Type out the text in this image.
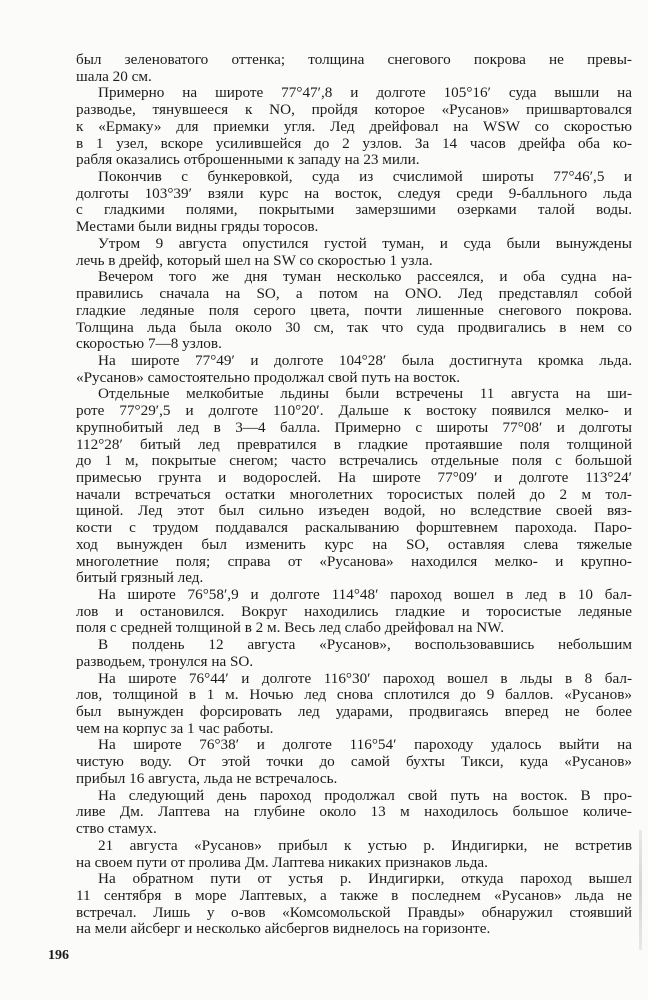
был зеленоватого оттенка; толщина снегового покрова не превы-
шала 20 см.
Примерно на широте 77°47′,8 и долготе 105°16′ суда вышли на
разводье, тянувшееся к NO, пройдя которое «Русанов» пришвартовался
к «Ермаку» для приемки угля. Лед дрейфовал на WSW со скоростью
в 1 узел, вскоре усилившейся до 2 узлов. За 14 часов дрейфа оба ко-
рабля оказались отброшенными к западу на 23 мили.
Покончив с бункеровкой, суда из счислимой широты 77°46′,5 и
долготы 103°39′ взяли курс на восток, следуя среди 9-балльного льда
с гладкими полями, покрытыми замерзшими озерками талой воды.
Местами были видны гряды торосов.
Утром 9 августа опустился густой туман, и суда были вынуждены
лечь в дрейф, который шел на SW со скоростью 1 узла.
Вечером того же дня туман несколько рассеялся, и оба судна на-
правились сначала на SO, а потом на ONO. Лед представлял собой
гладкие ледяные поля серого цвета, почти лишенные снегового покрова.
Толщина льда была около 30 см, так что суда продвигались в нем со
скоростью 7—8 узлов.
На широте 77°49′ и долготе 104°28′ была достигнута кромка льда.
«Русанов» самостоятельно продолжал свой путь на восток.
Отдельные мелкобитые льдины были встречены 11 августа на ши-
роте 77°29′,5 и долготе 110°20′. Дальше к востоку появился мелко- и
крупнобитый лед в 3—4 балла. Примерно с широты 77°08′ и долготы
112°28′ битый лед превратился в гладкие протаявшие поля толщиной
до 1 м, покрытые снегом; часто встречались отдельные поля с большой
примесью грунта и водорослей. На широте 77°09′ и долготе 113°24′
начали встречаться остатки многолетних торосистых полей до 2 м тол-
щиной. Лед этот был сильно изъеден водой, но вследствие своей вяз-
кости с трудом поддавался раскалыванию форштевнем парохода. Паро-
ход вынужден был изменить курс на SO, оставляя слева тяжелые
многолетние поля; справа от «Русанова» находился мелко- и крупно-
битый грязный лед.
На широте 76°58′,9 и долготе 114°48′ пароход вошел в лед в 10 бал-
лов и остановился. Вокруг находились гладкие и торосистые ледяные
поля с средней толщиной в 2 м. Весь лед слабо дрейфовал на NW.
В полдень 12 августа «Русанов», воспользовавшись небольшим
разводьем, тронулся на SO.
На широте 76°44′ и долготе 116°30′ пароход вошел в льды в 8 бал-
лов, толщиной в 1 м. Ночью лед снова сплотился до 9 баллов. «Русанов»
был вынужден форсировать лед ударами, продвигаясь вперед не более
чем на корпус за 1 час работы.
На широте 76°38′ и долготе 116°54′ пароходу удалось выйти на
чистую воду. От этой точки до самой бухты Тикси, куда «Русанов»
прибыл 16 августа, льда не встречалось.
На следующий день пароход продолжал свой путь на восток. В про-
ливе Дм. Лаптева на глубине около 13 м находилось большое количе-
ство стамух.
21 августа «Русанов» прибыл к устью р. Индигирки, не встретив
на своем пути от пролива Дм. Лаптева никаких признаков льда.
На обратном пути от устья р. Индигирки, откуда пароход вышел
11 сентября в море Лаптевых, а также в последнем «Русанов» льда не
встречал. Лишь у о-вов «Комсомольской Правды» обнаружил стоявший
на мели айсберг и несколько айсбергов виднелось на горизонте.
196
